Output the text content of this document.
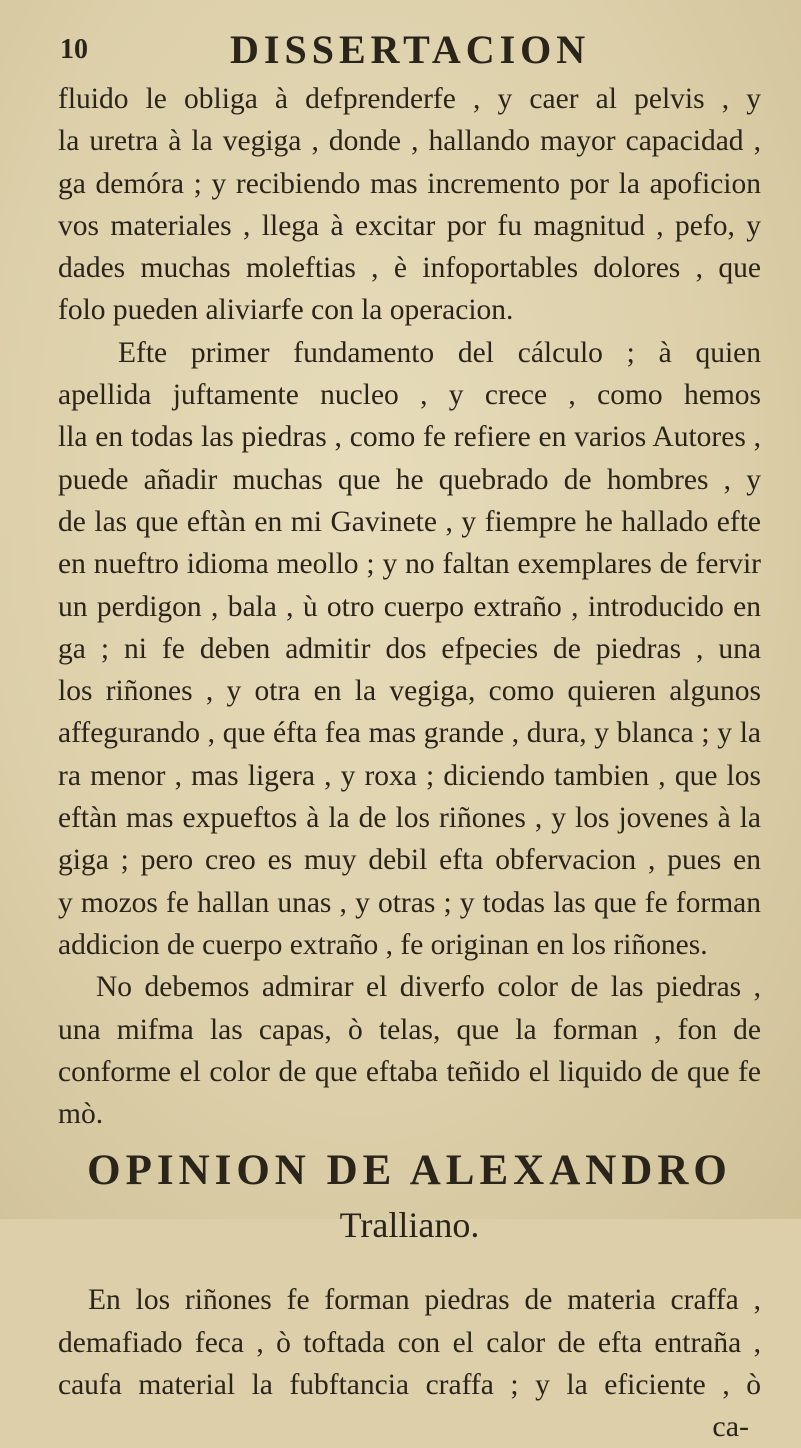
10	DISSERTACION
fluido le obliga à defprenderfe , y caer al pelvis , y
la uretra à la vegiga , donde , hallando mayor capacidad ,
ga demóra ; y recibiendo mas incremento por la apoficion
vos materiales , llega à excitar por fu magnitud , pefo, y
dades muchas moleftias , è infoportables dolores , que
folo pueden aliviarfe con la operacion.
Efte primer fundamento del cálculo ; à quien
apellida juftamente nucleo , y crece , como hemos
lla en todas las piedras , como fe refiere en varios Autores ,
puede añadir muchas que he quebrado de hombres , y
de las que eftàn en mi Gavinete , y fiempre he hallado efte
en nueftro idioma meollo ; y no faltan exemplares de fervir
un perdigon , bala , ù otro cuerpo extraño , introducido en
ga ; ni fe deben admitir dos efpecies de piedras , una
los riñones , y otra en la vegiga, como quieren algunos
affegurando , que éfta fea mas grande , dura, y blanca ; y la
ra menor , mas ligera , y roxa ; diciendo tambien , que los
eftàn mas expueftos à la de los riñones , y los jovenes à la
giga ; pero creo es muy debil efta obfervacion , pues en
y mozos fe hallan unas , y otras ; y todas las que fe forman
addicion de cuerpo extraño , fe originan en los riñones.
No debemos admirar el diverfo color de las piedras ,
una mifma las capas, ò telas, que la forman , fon de
conforme el color de que eftaba teñido el liquido de que fe
mò.
OPINION DE ALEXANDRO
Tralliano.
En los riñones fe forman piedras de materia craffa ,
demafiado feca , ò toftada con el calor de efta entraña ,
caufa material la fubftancia craffa ; y la eficiente , ò
ca-
